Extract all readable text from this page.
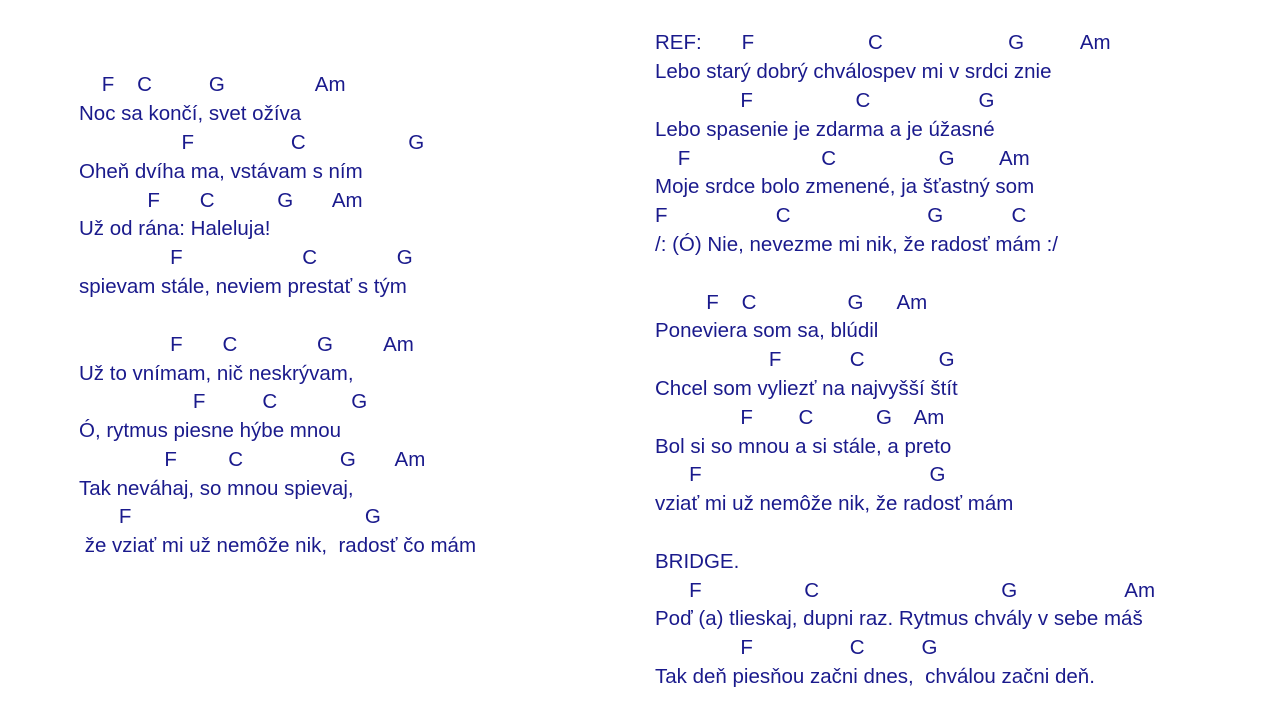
F    C          G                Am

Noc sa končí, svet ožíva

F                 C                  G

Oheň dvíha ma, vstávam s ním

F       C           G       Am

Už od rána: Haleluja!

F                     C              G

spievam stále, neviem prestať s tým

F       C              G         Am

Už to vnímam, nič neskrývam,

F          C             G

Ó, rytmus piesne hýbe mnou

F         C                 G       Am

Tak neváhaj, so mnou spievaj,

F                                         G

že vziať mi už nemôže nik,  radosť čo mám

REF:       F                    C                      G          Am

Lebo starý dobrý chválospev mi v srdci znie

F                  C                   G

Lebo spasenie je zdarma a je úžasné

F                       C                  G        Am

Moje srdce bolo zmenené, ja šťastný som

F                   C                        G            C

/: (Ó) Nie, nevezme mi nik, že radosť mám :/

F    C                G      Am

Poneviera som sa, blúdil

F            C             G

Chcel som vyliezť na najvyšší štít

F        C           G    Am

Bol si so mnou a si stále, a preto

F                                        G

vziať mi už nemôže nik, že radosť mám

BRIDGE.

F                  C                                G                   Am

Poď (a) tlieskaj, dupni raz. Rytmus chvály v sebe máš

F                 C          G

Tak deň piesňou začni dnes,  chválou začni deň.
